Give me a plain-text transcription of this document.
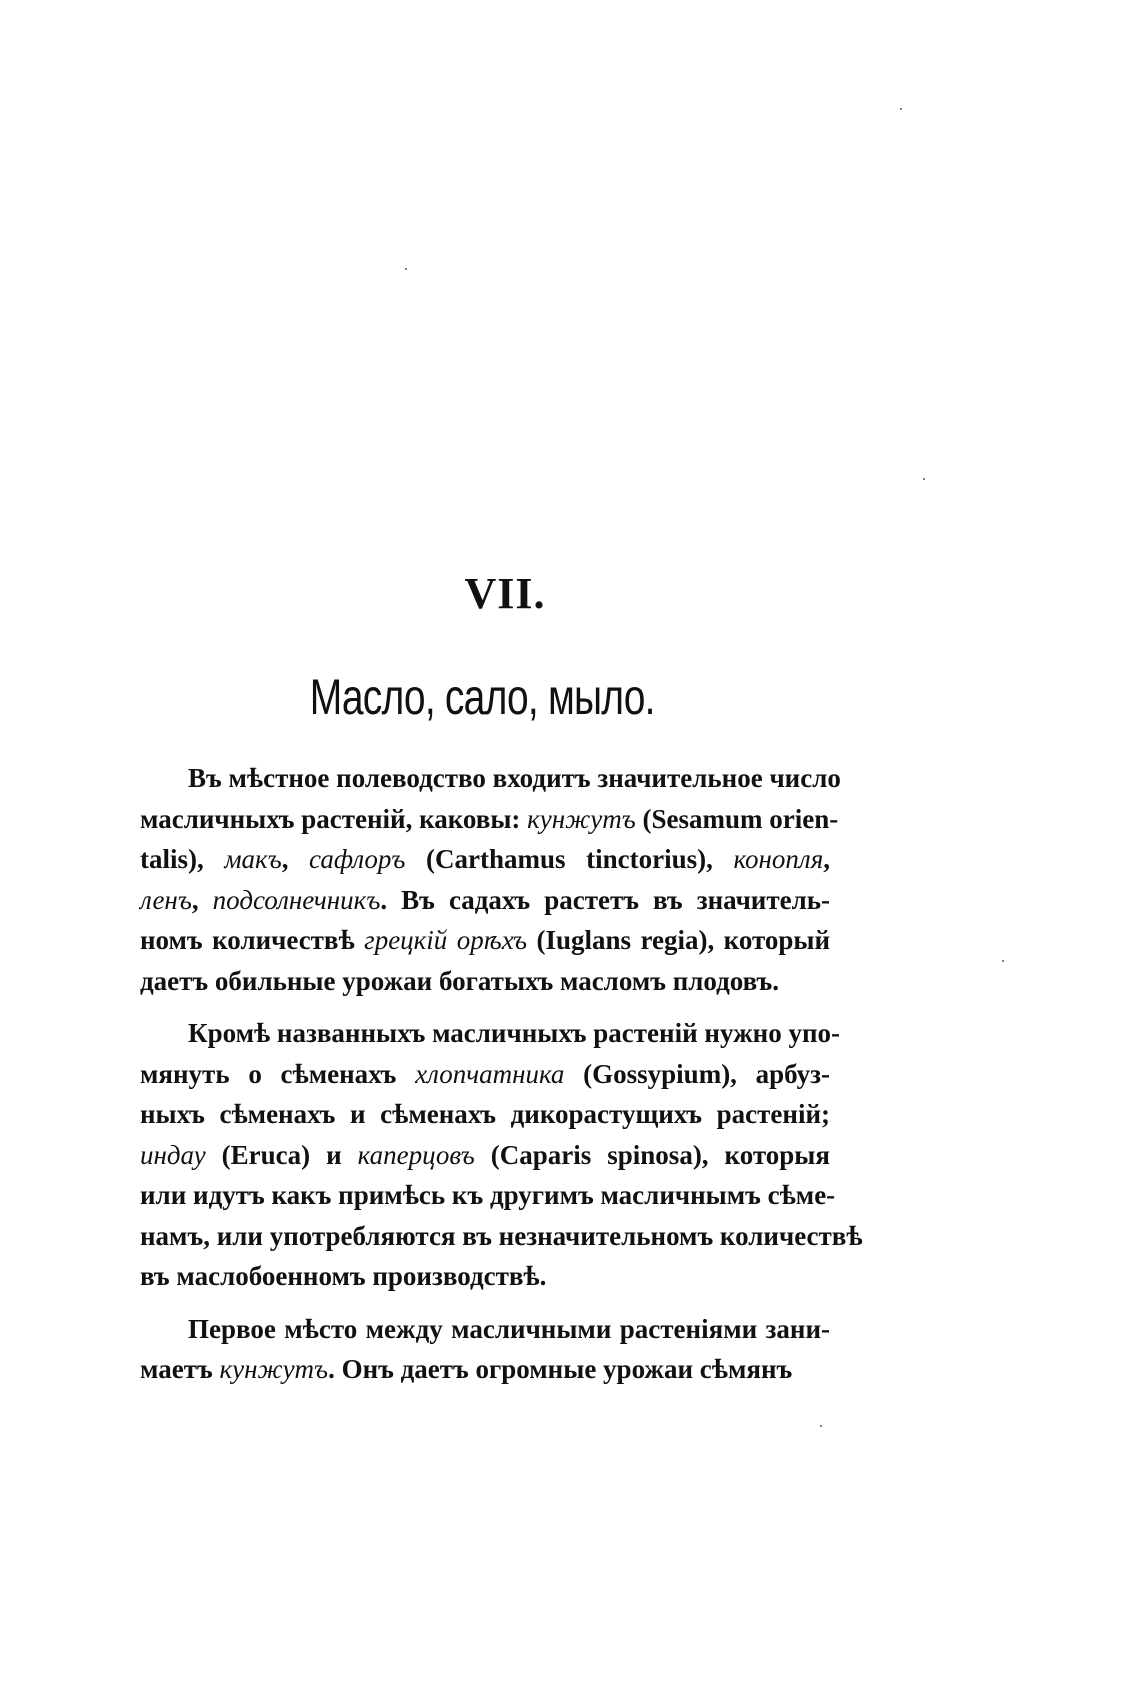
VII.
Масло, сало, мыло.
Въ мѣстное полеводство входитъ значительное число
масличныхъ растеній, каковы: кунжутъ (Sesamum orien-
talis), макъ, сафлоръ (Carthamus tinctorius), конопля,
ленъ, подсолнечникъ. Въ садахъ растетъ въ значитель-
номъ количествѣ грецкій орѣхъ (Iuglans regia), который
даетъ обильные урожаи богатыхъ масломъ плодовъ.
Кромѣ названныхъ масличныхъ растеній нужно упо-
мянуть о сѣменахъ хлопчатника (Gossypium), арбуз-
ныхъ сѣменахъ и сѣменахъ дикорастущихъ растеній;
индау (Eruca) и каперцовъ (Caparis spinosa), которыя
или идутъ какъ примѣсь къ другимъ масличнымъ сѣме-
намъ, или употребляются въ незначительномъ количествѣ
въ маслобоенномъ производствѣ.
Первое мѣсто между масличными растеніями зани-
маетъ кунжутъ. Онъ даетъ огромные урожаи сѣмянъ
